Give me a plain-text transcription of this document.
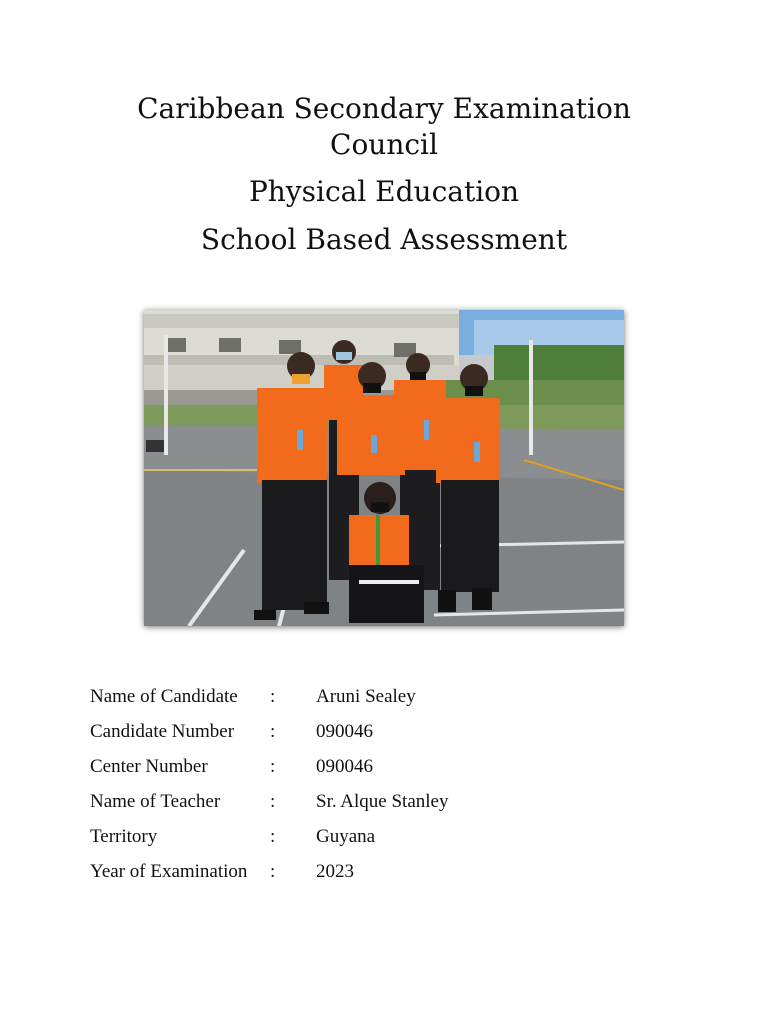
Caribbean Secondary Examination
Council
Physical Education
School Based Assessment
Name of Candidate : Aruni Sealey
Candidate Number : 090046
Center Number	: 090046
Name of Teacher	: Sr. Alque Stanley
Territory	: Guyana
Year of Examination : 2023
